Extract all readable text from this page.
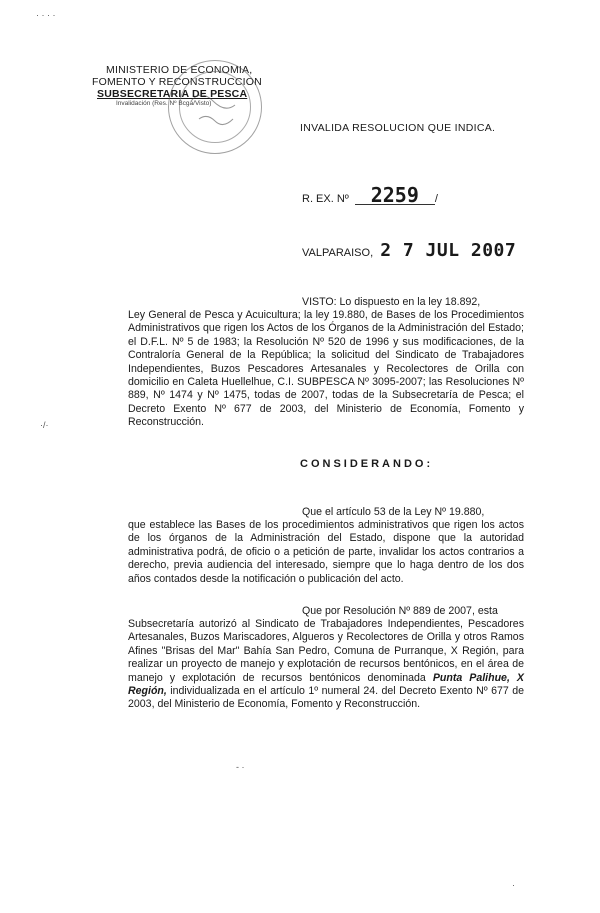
· · · ·
MINISTERIO DE ECONOMIA,
FOMENTO Y RECONSTRUCCION
SUBSECRETARIA DE PESCA
Invalidación (Res. Nº Bcga/Visto)
INVALIDA RESOLUCION QUE INDICA.
R. EX. Nº 2259 /
VALPARAISO, 2 7 JUL 2007
VISTO: Lo dispuesto en la ley 18.892,
Ley General de Pesca y Acuicultura; la ley 19.880, de Bases de los Procedimientos Administrativos que rigen los Actos de los Órganos de la Administración del Estado; el D.F.L. Nº 5 de 1983; la Resolución Nº 520 de 1996 y sus modificaciones, de la Contraloría General de la República; la solicitud del Sindicato de Trabajadores Independientes, Buzos Pescadores Artesanales y Recolectores de Orilla con domicilio en Caleta Huellelhue, C.I. SUBPESCA Nº 3095-2007; las Resoluciones Nº 889, Nº 1474 y Nº 1475, todas de 2007, todas de la Subsecretaría de Pesca; el Decreto Exento Nº 677 de 2003, del Ministerio de Economía, Fomento y Reconstrucción.
·/·
CONSIDERANDO:
Que el artículo 53 de la Ley Nº 19.880,
que establece las Bases de los procedimientos administrativos que rigen los actos de los órganos de la Administración del Estado, dispone que la autoridad administrativa podrá, de oficio o a petición de parte, invalidar los actos contrarios a derecho, previa audiencia del interesado, siempre que lo haga dentro de los dos años contados desde la notificación o publicación del acto.
Que por Resolución Nº 889 de 2007, esta
Subsecretaría autorizó al Sindicato de Trabajadores Independientes, Pescadores Artesanales, Buzos Mariscadores, Algueros y Recolectores de Orilla y otros Ramos Afines "Brisas del Mar" Bahía San Pedro, Comuna de Purranque, X Región, para realizar un proyecto de manejo y explotación de recursos bentónicos, en el área de manejo y explotación de recursos bentónicos denominada Punta Palihue, X Región, individualizada en el artículo 1º numeral 24. del Decreto Exento Nº 677 de 2003, del Ministerio de Economía, Fomento y Reconstrucción.
- ·
·
